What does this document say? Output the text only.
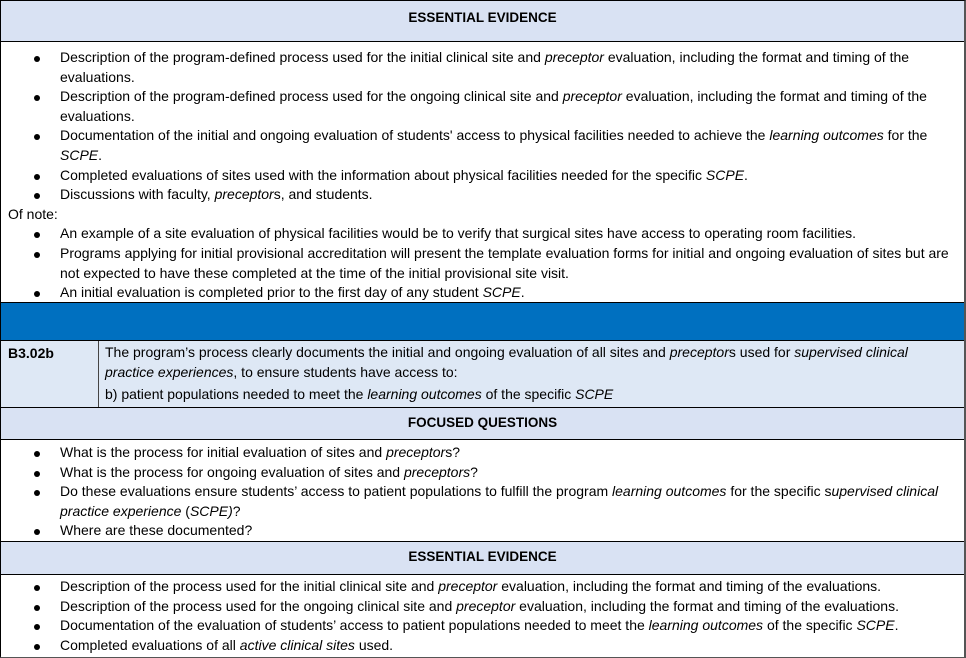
ESSENTIAL EVIDENCE
Description of the program-defined process used for the initial clinical site and preceptor evaluation, including the format and timing of the evaluations.
Description of the program-defined process used for the ongoing clinical site and preceptor evaluation, including the format and timing of the evaluations.
Documentation of the initial and ongoing evaluation of students' access to physical facilities needed to achieve the learning outcomes for the SCPE.
Completed evaluations of sites used with the information about physical facilities needed for the specific SCPE.
Discussions with faculty, preceptors, and students.
Of note:
An example of a site evaluation of physical facilities would be to verify that surgical sites have access to operating room facilities.
Programs applying for initial provisional accreditation will present the template evaluation forms for initial and ongoing evaluation of sites but are not expected to have these completed at the time of the initial provisional site visit.
An initial evaluation is completed prior to the first day of any student SCPE.
B3.02b	The program’s process clearly documents the initial and ongoing evaluation of all sites and preceptors used for supervised clinical practice experiences, to ensure students have access to:

b) patient populations needed to meet the learning outcomes of the specific SCPE

FOCUSED QUESTIONS
What is the process for initial evaluation of sites and preceptors?
What is the process for ongoing evaluation of sites and preceptors?
Do these evaluations ensure students’ access to patient populations to fulfill the program learning outcomes for the specific supervised clinical practice experience (SCPE)?
Where are these documented?
ESSENTIAL EVIDENCE
Description of the process used for the initial clinical site and preceptor evaluation, including the format and timing of the evaluations.
Description of the process used for the ongoing clinical site and preceptor evaluation, including the format and timing of the evaluations.
Documentation of the evaluation of students’ access to patient populations needed to meet the learning outcomes of the specific SCPE.
Completed evaluations of all active clinical sites used.
